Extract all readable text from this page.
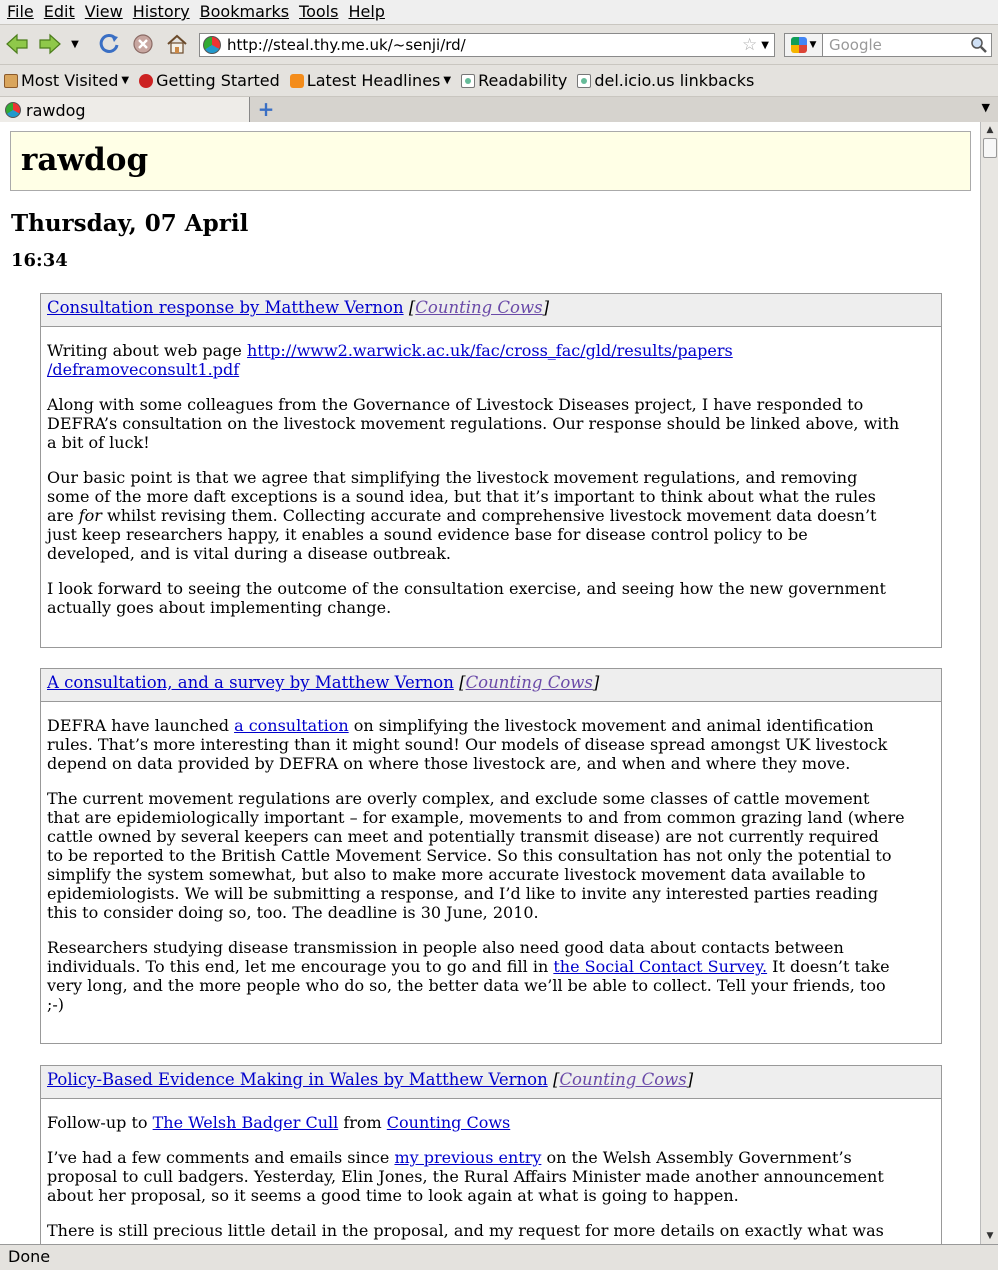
File Edit View History Bookmarks Tools Help
▼	http://steal.thy.me.uk/~senji/rd/	☆ ▼	▼
Google
Most Visited ▼ Getting Started Latest Headlines ▼ Readability del.icio.us linkbacks
rawdog	+	▼
rawdog
Thursday, 07 April
16:34
Consultation response by Matthew Vernon [Counting Cows]

Writing about web page http://www2.warwick.ac.uk/fac/cross_fac/gld/results/papers
/deframoveconsult1.pdf

Along with some colleagues from the Governance of Livestock Diseases project, I have responded to
DEFRA’s consultation on the livestock movement regulations. Our response should be linked above, with
a bit of luck!

Our basic point is that we agree that simplifying the livestock movement regulations, and removing
some of the more daft exceptions is a sound idea, but that it’s important to think about what the rules
are for whilst revising them. Collecting accurate and comprehensive livestock movement data doesn’t
just keep researchers happy, it enables a sound evidence base for disease control policy to be
developed, and is vital during a disease outbreak.

I look forward to seeing the outcome of the consultation exercise, and seeing how the new government
actually goes about implementing change.

A consultation, and a survey by Matthew Vernon [Counting Cows]

DEFRA have launched a consultation on simplifying the livestock movement and animal identification
rules. That’s more interesting than it might sound! Our models of disease spread amongst UK livestock
depend on data provided by DEFRA on where those livestock are, and when and where they move.

The current movement regulations are overly complex, and exclude some classes of cattle movement
that are epidemiologically important – for example, movements to and from common grazing land (where
cattle owned by several keepers can meet and potentially transmit disease) are not currently required
to be reported to the British Cattle Movement Service. So this consultation has not only the potential to
simplify the system somewhat, but also to make more accurate livestock movement data available to
epidemiologists. We will be submitting a response, and I’d like to invite any interested parties reading
this to consider doing so, too. The deadline is 30 June, 2010.

Researchers studying disease transmission in people also need good data about contacts between
individuals. To this end, let me encourage you to go and fill in the Social Contact Survey. It doesn’t take
very long, and the more people who do so, the better data we’ll be able to collect. Tell your friends, too
;-)

Policy-Based Evidence Making in Wales by Matthew Vernon [Counting Cows]

Follow-up to The Welsh Badger Cull from Counting Cows

I’ve had a few comments and emails since my previous entry on the Welsh Assembly Government’s
proposal to cull badgers. Yesterday, Elin Jones, the Rural Affairs Minister made another announcement
about her proposal, so it seems a good time to look again at what is going to happen.

There is still precious little detail in the proposal, and my request for more details on exactly what was

▲
▼
Done
